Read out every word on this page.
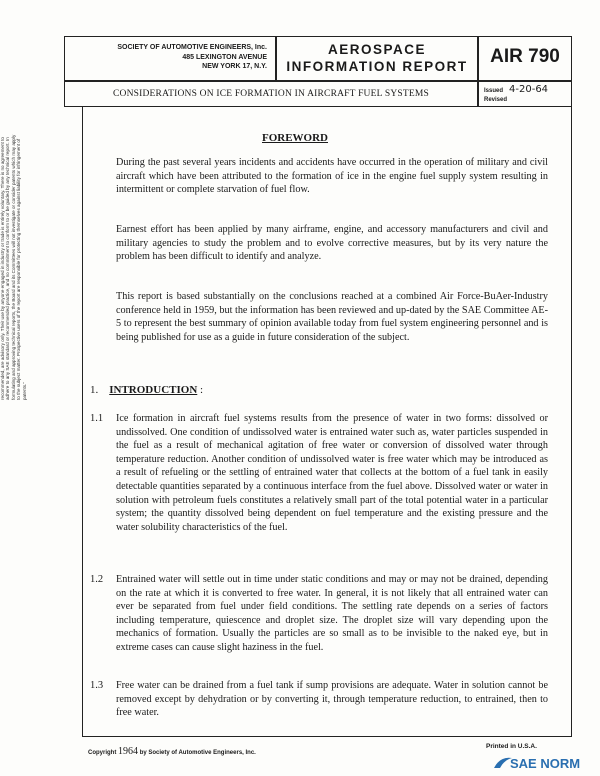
SOCIETY OF AUTOMOTIVE ENGINEERS, Inc.
485 LEXINGTON AVENUE
NEW YORK 17, N.Y.
AEROSPACE
INFORMATION REPORT	AIR 790
CONSIDERATIONS ON ICE FORMATION IN AIRCRAFT FUEL SYSTEMS	Issued 4-20-64
Revised
recommended, are advisory only. Their use by anyone engaged in industry or trade is entirely voluntary. There is no agreement to adhere to any SAE standard or recommended practice, and no commitment to conform to or be guided by any technical report. In formulating and approving technical reports, the Board and its Committees will not investigate or consider patents which may apply to the subject matter. Prospective users of the report are responsible for protecting themselves against liability for infringement of patents."
FOREWORD
During the past several years incidents and accidents have occurred in the operation of military and civil aircraft which have been attributed to the formation of ice in the engine fuel supply system resulting in intermittent or complete starvation of fuel flow.
Earnest effort has been applied by many airframe, engine, and accessory manufacturers and civil and military agencies to study the problem and to evolve corrective measures, but by its very nature the problem has been difficult to identify and analyze.
This report is based substantially on the conclusions reached at a combined Air Force-BuAer-Industry conference held in 1959, but the information has been reviewed and up-dated by the SAE Committee AE-5 to represent the best summary of opinion available today from fuel system engineering personnel and is being published for use as a guide in future consideration of the subject.
1. INTRODUCTION :
1.1 Ice formation in aircraft fuel systems results from the presence of water in two forms: dissolved or undissolved. One condition of undissolved water is entrained water such as, water particles suspended in the fuel as a result of mechanical agitation of free water or conversion of dissolved water through temperature reduction. Another condition of undissolved water is free water which may be introduced as a result of refueling or the settling of entrained water that collects at the bottom of a fuel tank in easily detectable quantities separated by a continuous interface from the fuel above. Dissolved water or water in solution with petroleum fuels constitutes a relatively small part of the total potential water in a particular system; the quantity dissolved being dependent on fuel temperature and the existing pressure and the water solubility characteristics of the fuel.
1.2 Entrained water will settle out in time under static conditions and may or may not be drained, depending on the rate at which it is converted to free water. In general, it is not likely that all entrained water can ever be separated from fuel under field conditions. The settling rate depends on a series of factors including temperature, quiescence and droplet size. The droplet size will vary depending upon the mechanics of formation. Usually the particles are so small as to be invisible to the naked eye, but in extreme cases can cause slight haziness in the fuel.
1.3 Free water can be drained from a fuel tank if sump provisions are adequate. Water in solution cannot be removed except by dehydration or by converting it, through temperature reduction, to entrained, then to free water.
Copyright 1964 by Society of Automotive Engineers, Inc.
Printed in U.S.A.
SAE NORM
